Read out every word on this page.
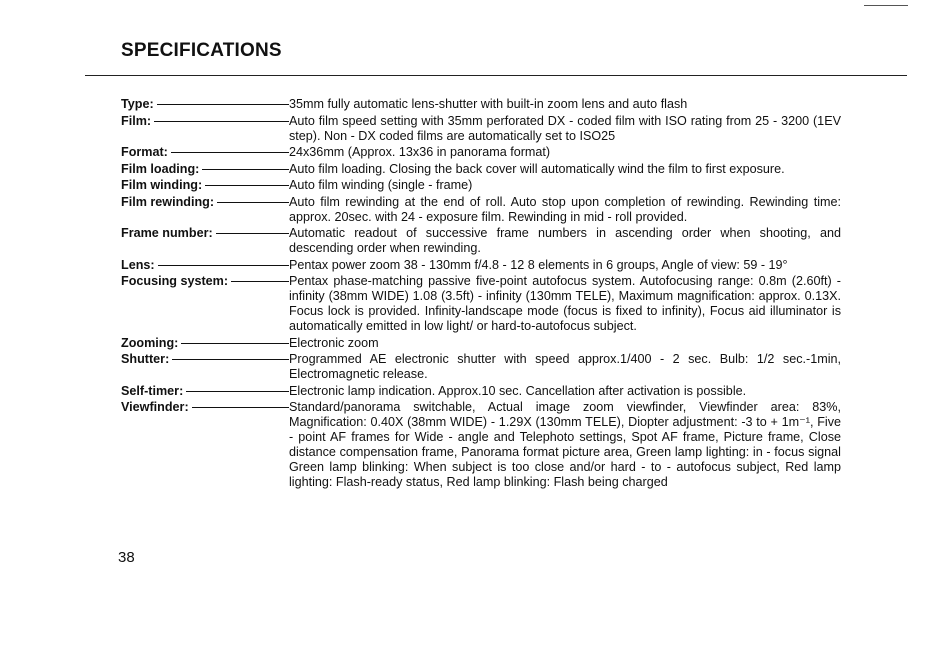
SPECIFICATIONS
Type:	35mm fully automatic lens-shutter with built-in zoom lens and auto flash
Film:	Auto film speed setting with 35mm perforated DX - coded film with ISO rating from 25 - 3200 (1EV step). Non - DX coded films are automatically set to ISO25
Format:	24x36mm (Approx. 13x36 in panorama format)
Film loading:	Auto film loading. Closing the back cover will automatically wind the film to first exposure.
Film winding:	Auto film winding (single - frame)
Film rewinding:	Auto film rewinding at the end of roll. Auto stop upon completion of rewinding. Rewinding time: approx. 20sec. with 24 - exposure film. Rewinding in mid - roll provided.
Frame number:	Automatic readout of successive frame numbers in ascending order when shooting, and descending order when rewinding.
Lens:	Pentax power zoom 38 - 130mm f/4.8 - 12 8 elements in 6 groups, Angle of view: 59 - 19°
Focusing system:	Pentax phase-matching passive five-point autofocus system. Autofocusing range: 0.8m (2.60ft) - infinity (38mm WIDE) 1.08 (3.5ft) - infinity (130mm TELE), Maximum magnification: approx. 0.13X. Focus lock is provided. Infinity-landscape mode (focus is fixed to infinity), Focus aid illuminator is automatically emitted in low light/ or hard-to-autofocus subject.
Zooming:	Electronic zoom
Shutter:	Programmed AE electronic shutter with speed approx.1/400 - 2 sec. Bulb: 1/2 sec.-1min, Electromagnetic release.
Self-timer:	Electronic lamp indication. Approx.10 sec. Cancellation after activation is possible.
Viewfinder:	Standard/panorama switchable, Actual image zoom viewfinder, Viewfinder area: 83%, Magnification: 0.40X (38mm WIDE) - 1.29X (130mm TELE), Diopter adjustment: -3 to + 1m⁻¹, Five - point AF frames for Wide - angle and Telephoto settings, Spot AF frame, Picture frame, Close distance compensation frame, Panorama format picture area, Green lamp lighting: in - focus signal Green lamp blinking: When subject is too close and/or hard - to - autofocus subject, Red lamp lighting: Flash-ready status, Red lamp blinking: Flash being charged
38
